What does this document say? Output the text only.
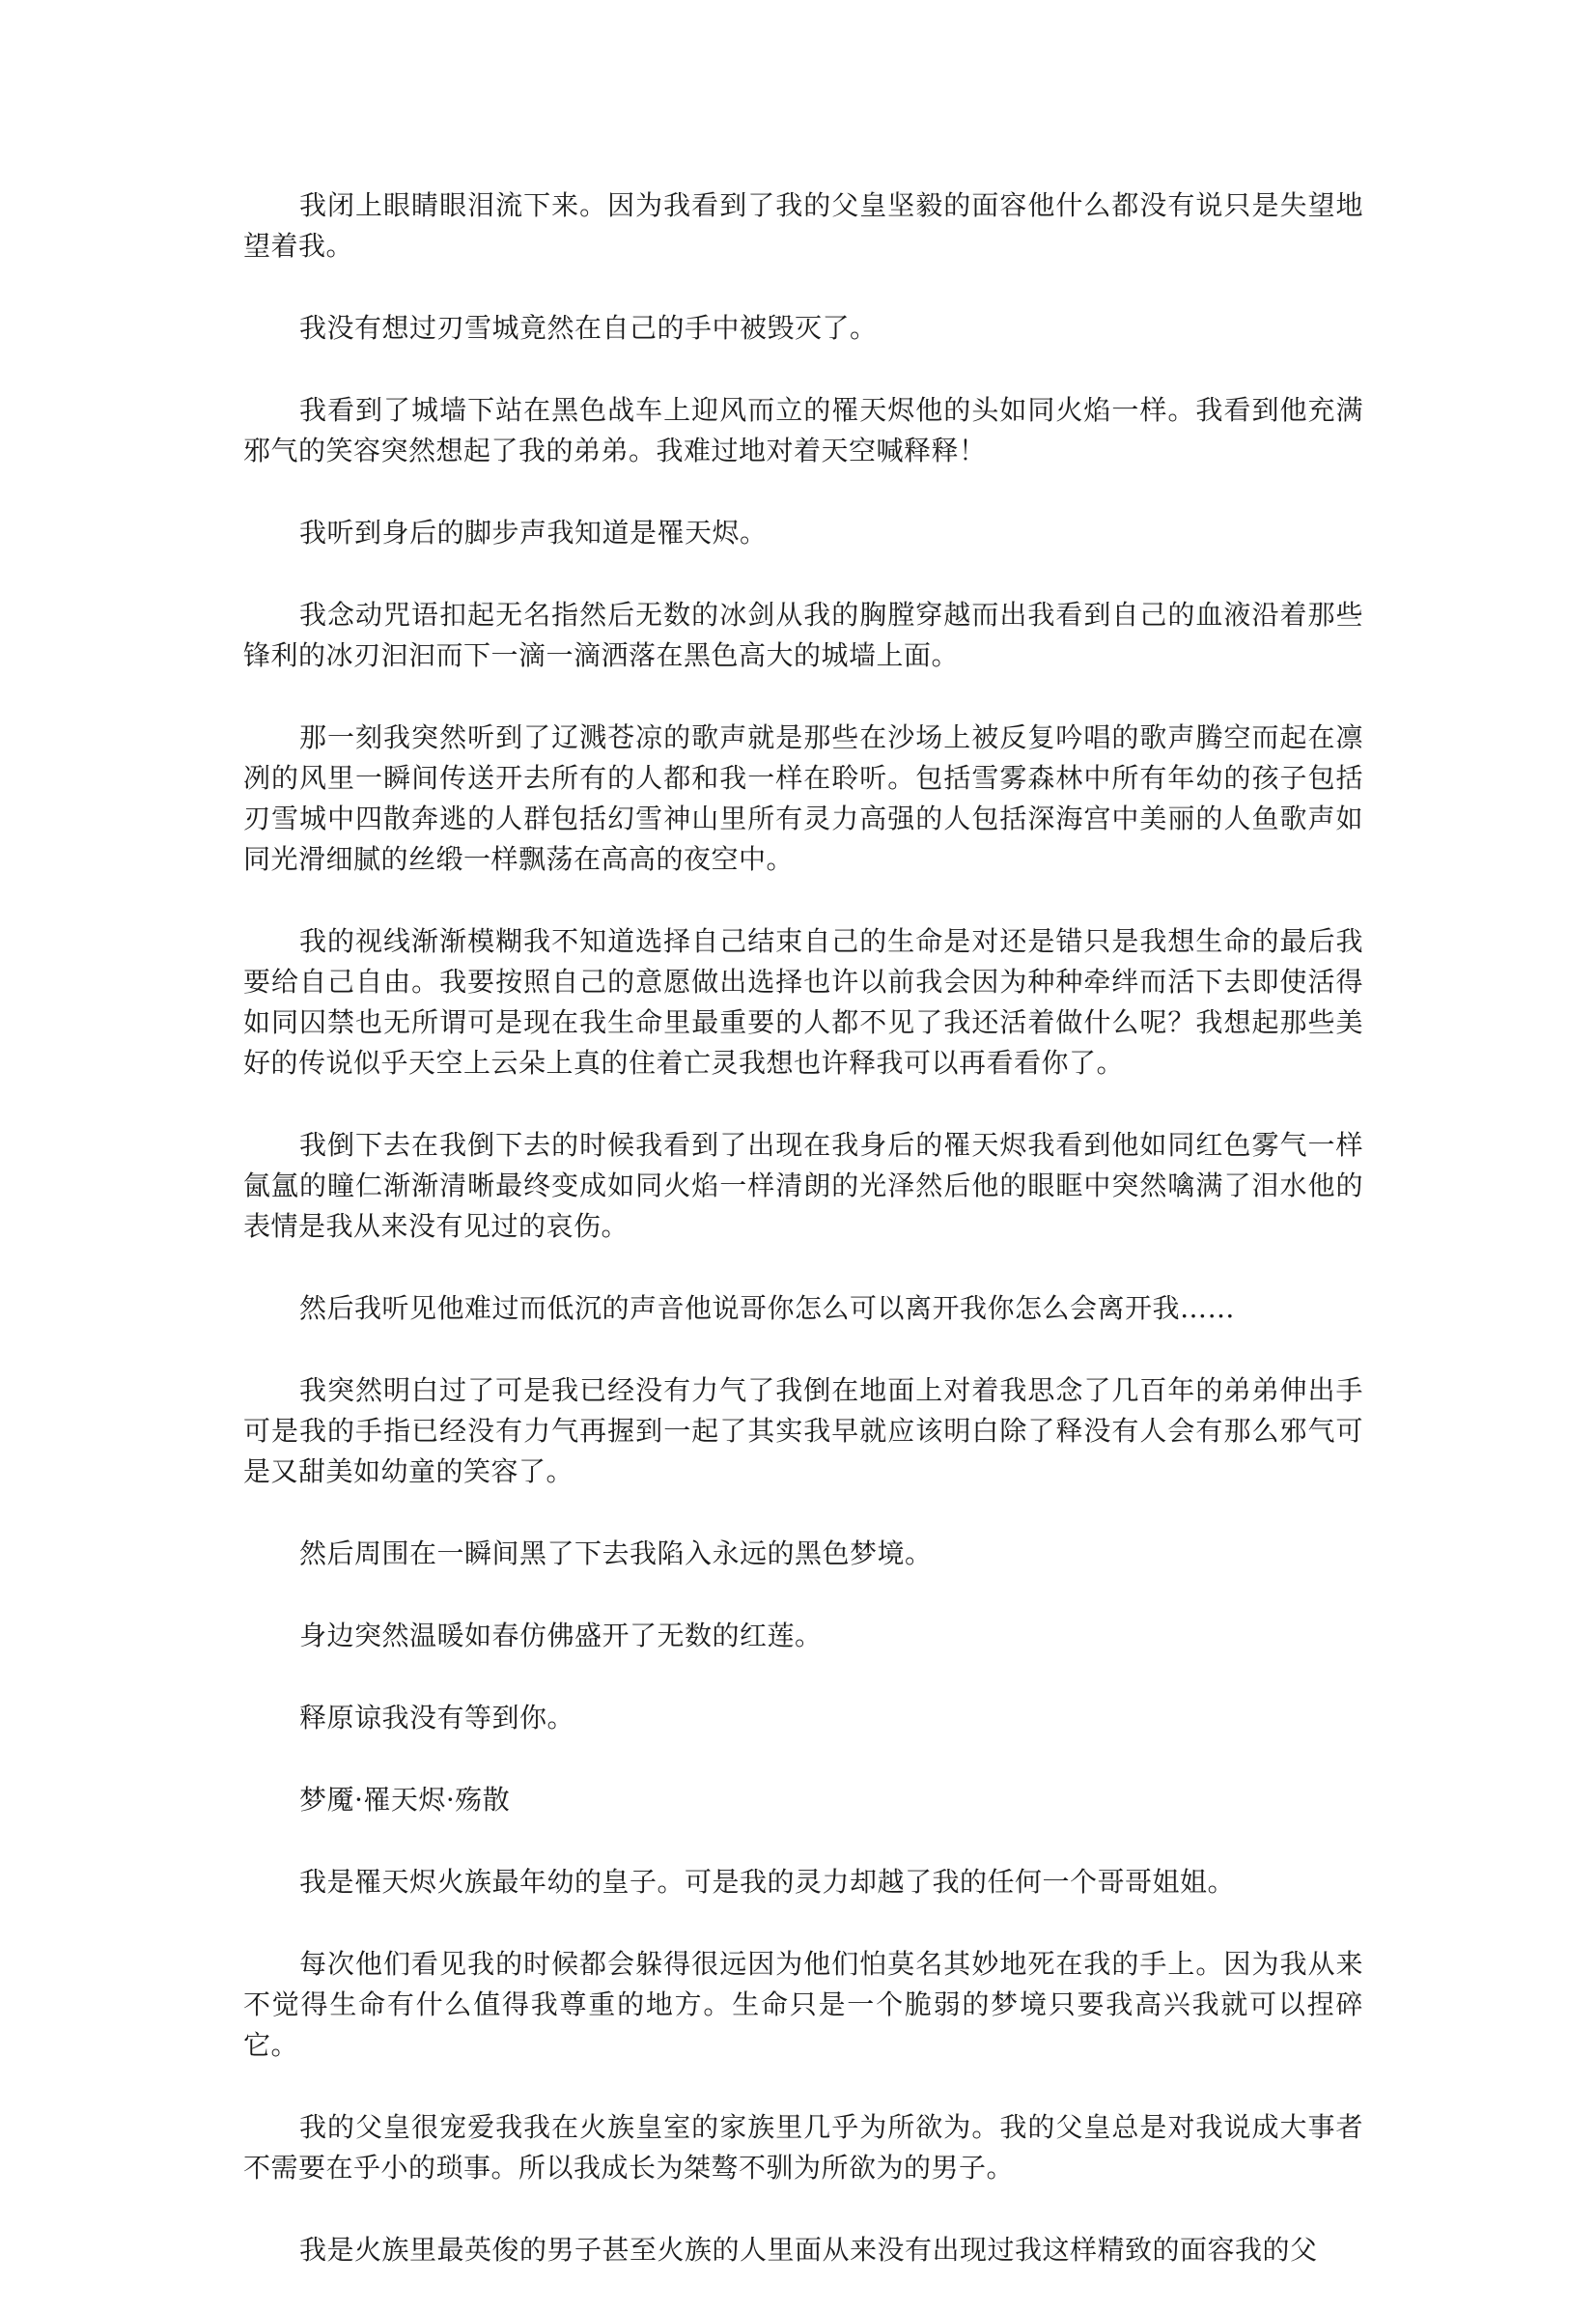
我闭上眼睛眼泪流下来。因为我看到了我的父皇坚毅的面容他什么都没有说只是失望地望着我。

我没有想过刃雪城竟然在自己的手中被毁灭了。

我看到了城墙下站在黑色战车上迎风而立的罹天烬他的头如同火焰一样。我看到他充满邪气的笑容突然想起了我的弟弟。我难过地对着天空喊释释！

我听到身后的脚步声我知道是罹天烬。

我念动咒语扣起无名指然后无数的冰剑从我的胸膛穿越而出我看到自己的血液沿着那些锋利的冰刃汩汩而下一滴一滴洒落在黑色高大的城墙上面。

那一刻我突然听到了辽溅苍凉的歌声就是那些在沙场上被反复吟唱的歌声腾空而起在凛冽的风里一瞬间传送开去所有的人都和我一样在聆听。包括雪雾森林中所有年幼的孩子包括刃雪城中四散奔逃的人群包括幻雪神山里所有灵力高强的人包括深海宫中美丽的人鱼歌声如同光滑细腻的丝缎一样飘荡在高高的夜空中。

我的视线渐渐模糊我不知道选择自己结束自己的生命是对还是错只是我想生命的最后我要给自己自由。我要按照自己的意愿做出选择也许以前我会因为种种牵绊而活下去即使活得如同囚禁也无所谓可是现在我生命里最重要的人都不见了我还活着做什么呢？我想起那些美好的传说似乎天空上云朵上真的住着亡灵我想也许释我可以再看看你了。

我倒下去在我倒下去的时候我看到了出现在我身后的罹天烬我看到他如同红色雾气一样氤氲的瞳仁渐渐清晰最终变成如同火焰一样清朗的光泽然后他的眼眶中突然噙满了泪水他的表情是我从来没有见过的哀伤。

然后我听见他难过而低沉的声音他说哥你怎么可以离开我你怎么会离开我……

我突然明白过了可是我已经没有力气了我倒在地面上对着我思念了几百年的弟弟伸出手可是我的手指已经没有力气再握到一起了其实我早就应该明白除了释没有人会有那么邪气可是又甜美如幼童的笑容了。

然后周围在一瞬间黑了下去我陷入永远的黑色梦境。

身边突然温暖如春仿佛盛开了无数的红莲。

释原谅我没有等到你。

梦魇·罹天烬·殇散

我是罹天烬火族最年幼的皇子。可是我的灵力却越了我的任何一个哥哥姐姐。

每次他们看见我的时候都会躲得很远因为他们怕莫名其妙地死在我的手上。因为我从来不觉得生命有什么值得我尊重的地方。生命只是一个脆弱的梦境只要我高兴我就可以捏碎它。

我的父皇很宠爱我我在火族皇室的家族里几乎为所欲为。我的父皇总是对我说成大事者不需要在乎小的琐事。所以我成长为桀骜不驯为所欲为的男子。

我是火族里最英俊的男子甚至火族的人里面从来没有出现过我这样精致的面容我的父
